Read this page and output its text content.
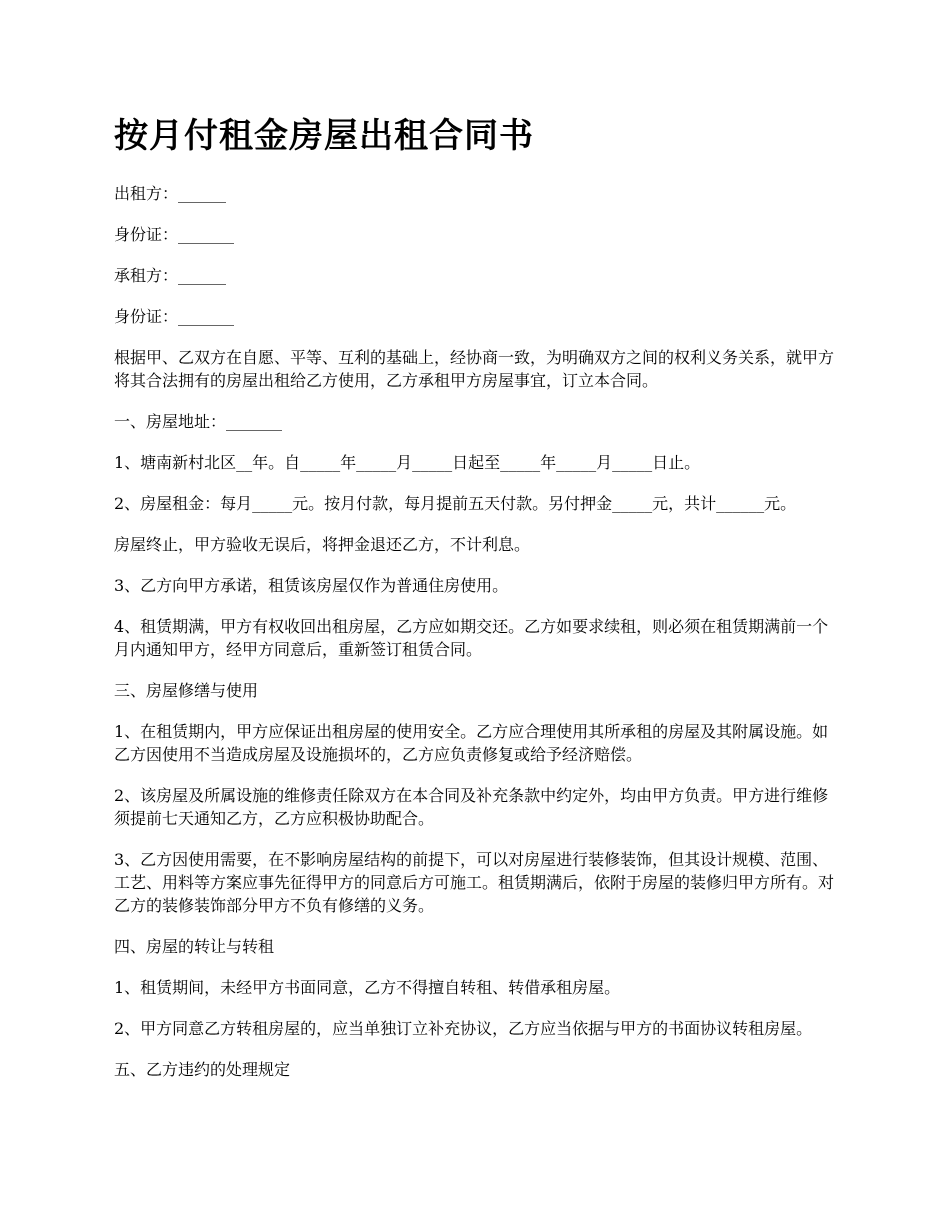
按月付租金房屋出租合同书

出租方：______

身份证：_______

承租方：______

身份证：_______

根据甲、乙双方在自愿、平等、互利的基础上，经协商一致，为明确双方之间的权利义务关系，就甲方将其合法拥有的房屋出租给乙方使用，乙方承租甲方房屋事宜，订立本合同。

一、房屋地址：_______

1、塘南新村北区__年。自_____年_____月_____日起至_____年_____月_____日止。

2、房屋租金：每月_____元。按月付款，每月提前五天付款。另付押金_____元，共计______元。

房屋终止，甲方验收无误后，将押金退还乙方，不计利息。

3、乙方向甲方承诺，租赁该房屋仅作为普通住房使用。

4、租赁期满，甲方有权收回出租房屋，乙方应如期交还。乙方如要求续租，则必须在租赁期满前一个月内通知甲方，经甲方同意后，重新签订租赁合同。

三、房屋修缮与使用

1、在租赁期内，甲方应保证出租房屋的使用安全。乙方应合理使用其所承租的房屋及其附属设施。如乙方因使用不当造成房屋及设施损坏的，乙方应负责修复或给予经济赔偿。

2、该房屋及所属设施的维修责任除双方在本合同及补充条款中约定外，均由甲方负责。甲方进行维修须提前七天通知乙方，乙方应积极协助配合。

3、乙方因使用需要，在不影响房屋结构的前提下，可以对房屋进行装修装饰，但其设计规模、范围、工艺、用料等方案应事先征得甲方的同意后方可施工。租赁期满后，依附于房屋的装修归甲方所有。对乙方的装修装饰部分甲方不负有修缮的义务。

四、房屋的转让与转租

1、租赁期间，未经甲方书面同意，乙方不得擅自转租、转借承租房屋。

2、甲方同意乙方转租房屋的，应当单独订立补充协议，乙方应当依据与甲方的书面协议转租房屋。

五、乙方违约的处理规定
